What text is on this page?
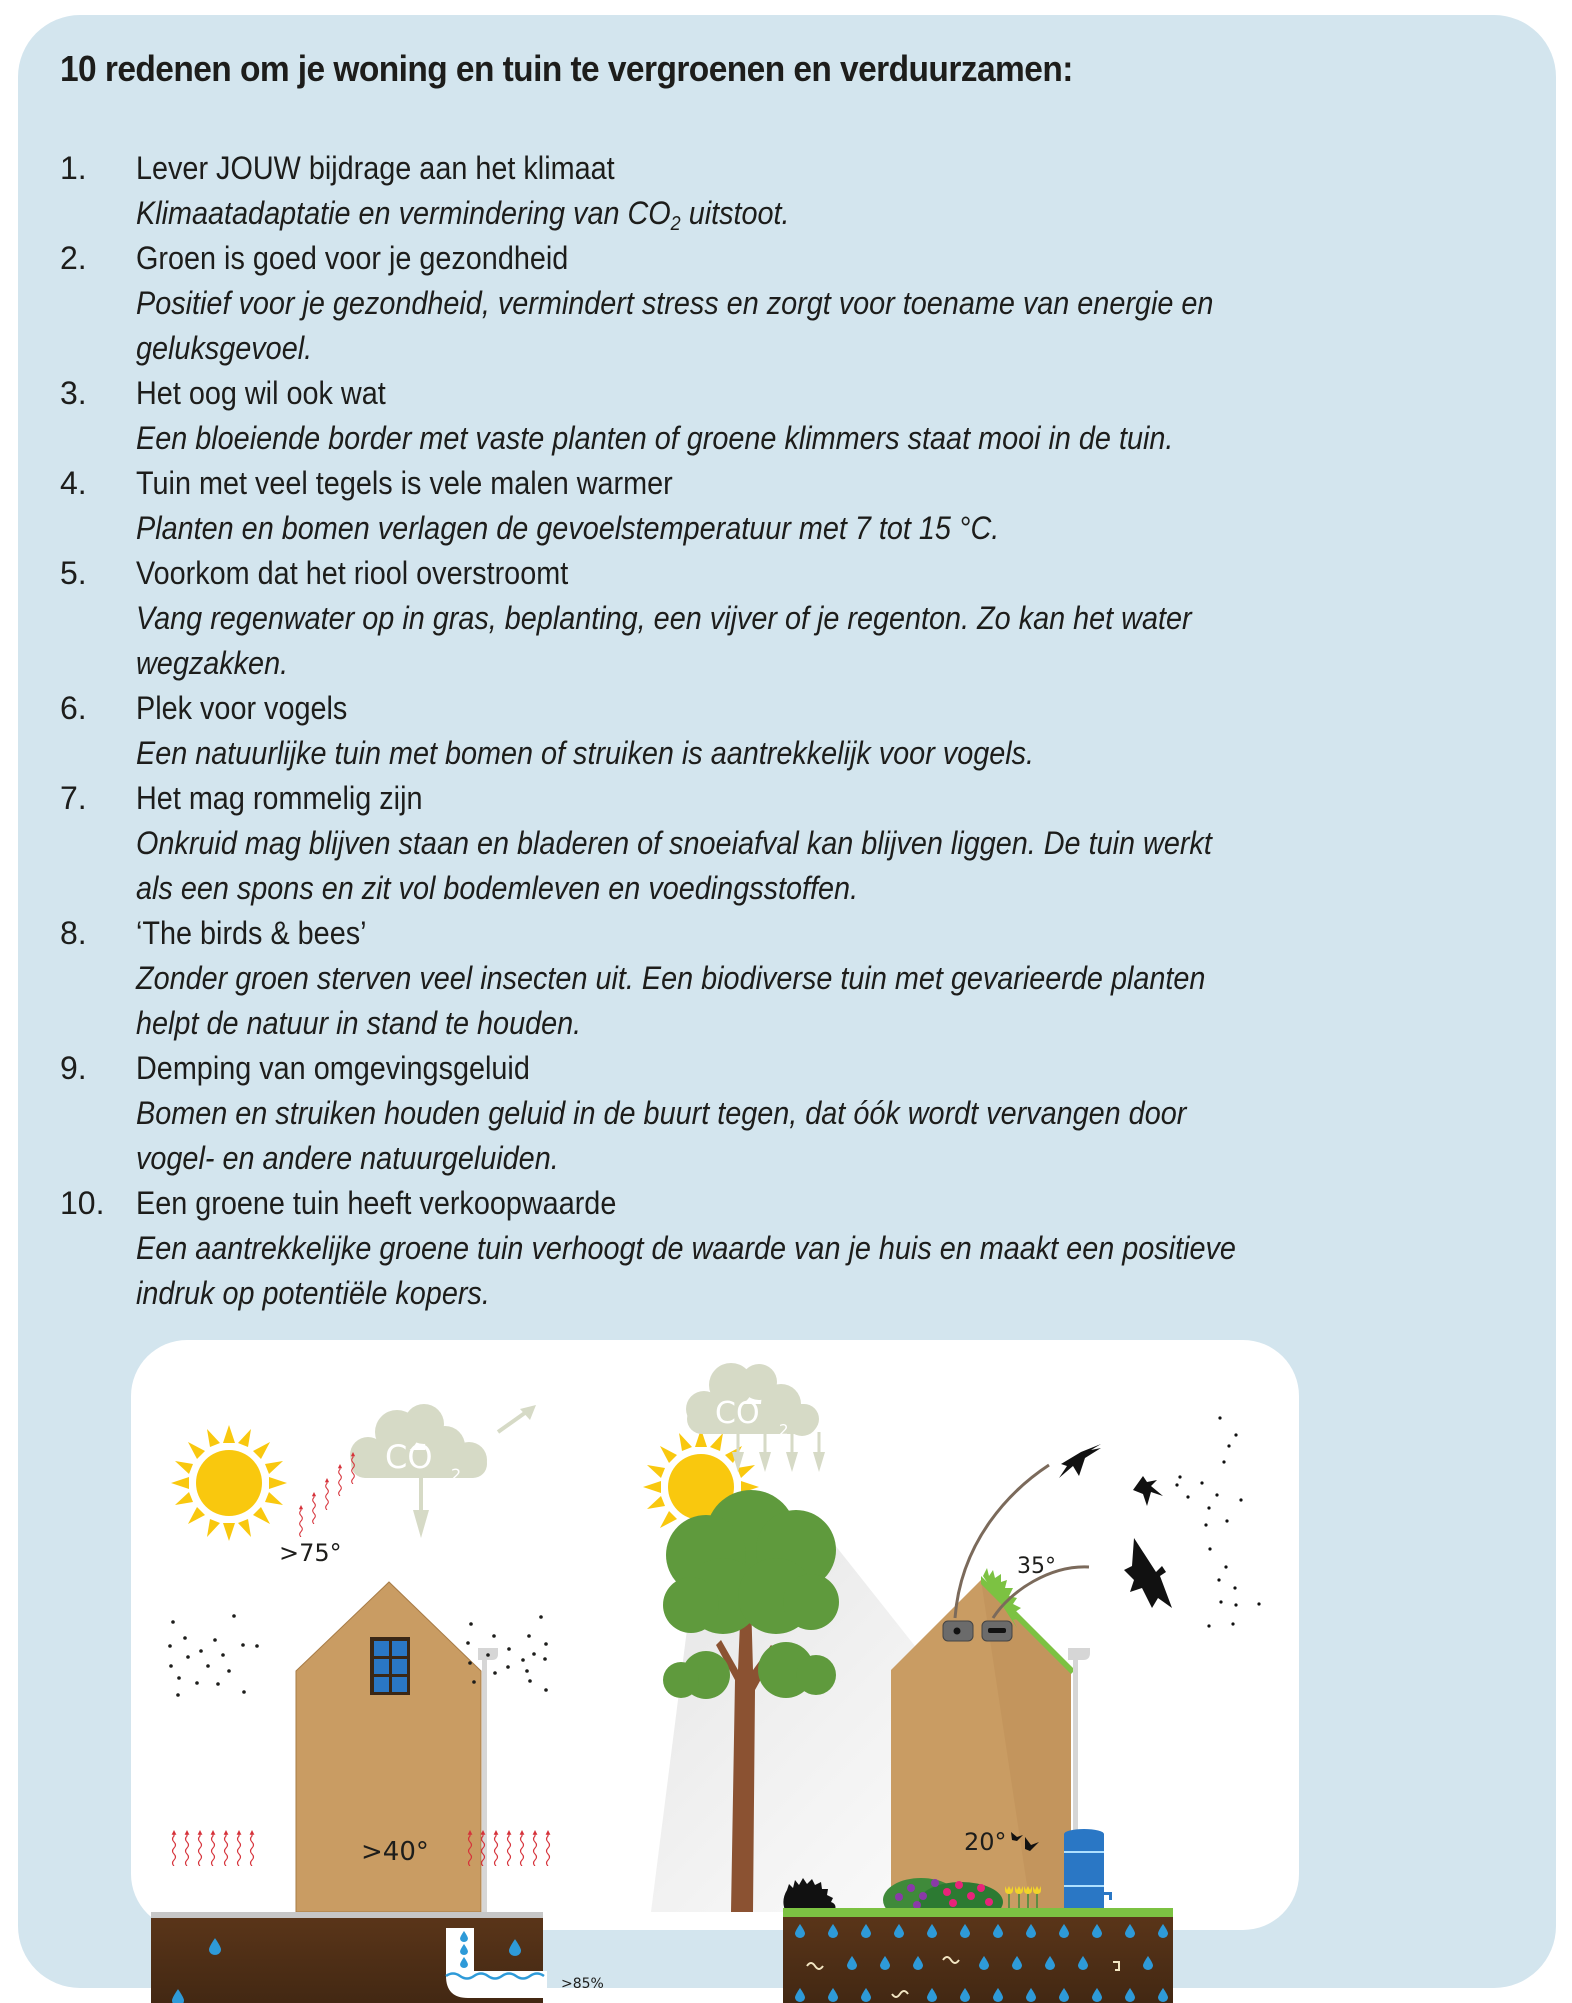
10 redenen om je woning en tuin te vergroenen en verduurzamen:
1. Lever JOUW bijdrage aan het klimaat
Klimaatadaptatie en vermindering van $CO_2$ uitstoot.
2. Groen is goed voor je gezondheid
Positief voor je gezondheid, vermindert stress en zorgt voor toename van energie en
geluksgevoel.
3. Het oog wil ook wat
Een bloeiende border met vaste planten of groene klimmers staat mooi in de tuin.
4. Tuin met veel tegels is vele malen warmer
Planten en bomen verlagen de gevoelstemperatuur met 7 tot 15 °C.
5. Voorkom dat het riool overstroomt
Vang regenwater op in gras, beplanting, een vijver of je regenton. Zo kan het water
wegzakken.
6. Plek voor vogels
Een natuurlijke tuin met bomen of struiken is aantrekkelijk voor vogels.
7. Het mag rommelig zijn
Onkruid mag blijven staan en bladeren of snoeiafval kan blijven liggen. De tuin werkt
als een spons en zit vol bodemleven en voedingsstoffen.
8. ‘The birds & bees’
Zonder groen sterven veel insecten uit. Een biodiverse tuin met gevarieerde planten
helpt de natuur in stand te houden.
9. Demping van omgevingsgeluid
Bomen en struiken houden geluid in de buurt tegen, dat óók wordt vervangen door
vogel- en andere natuurgeluiden.
10. Een groene tuin heeft verkoopwaarde
Een aantrekkelijke groene tuin verhoogt de waarde van je huis en maakt een positieve
indruk op potentiële kopers.
CO 2
>75°
>40°
>85%
CO 2
35°
20°
